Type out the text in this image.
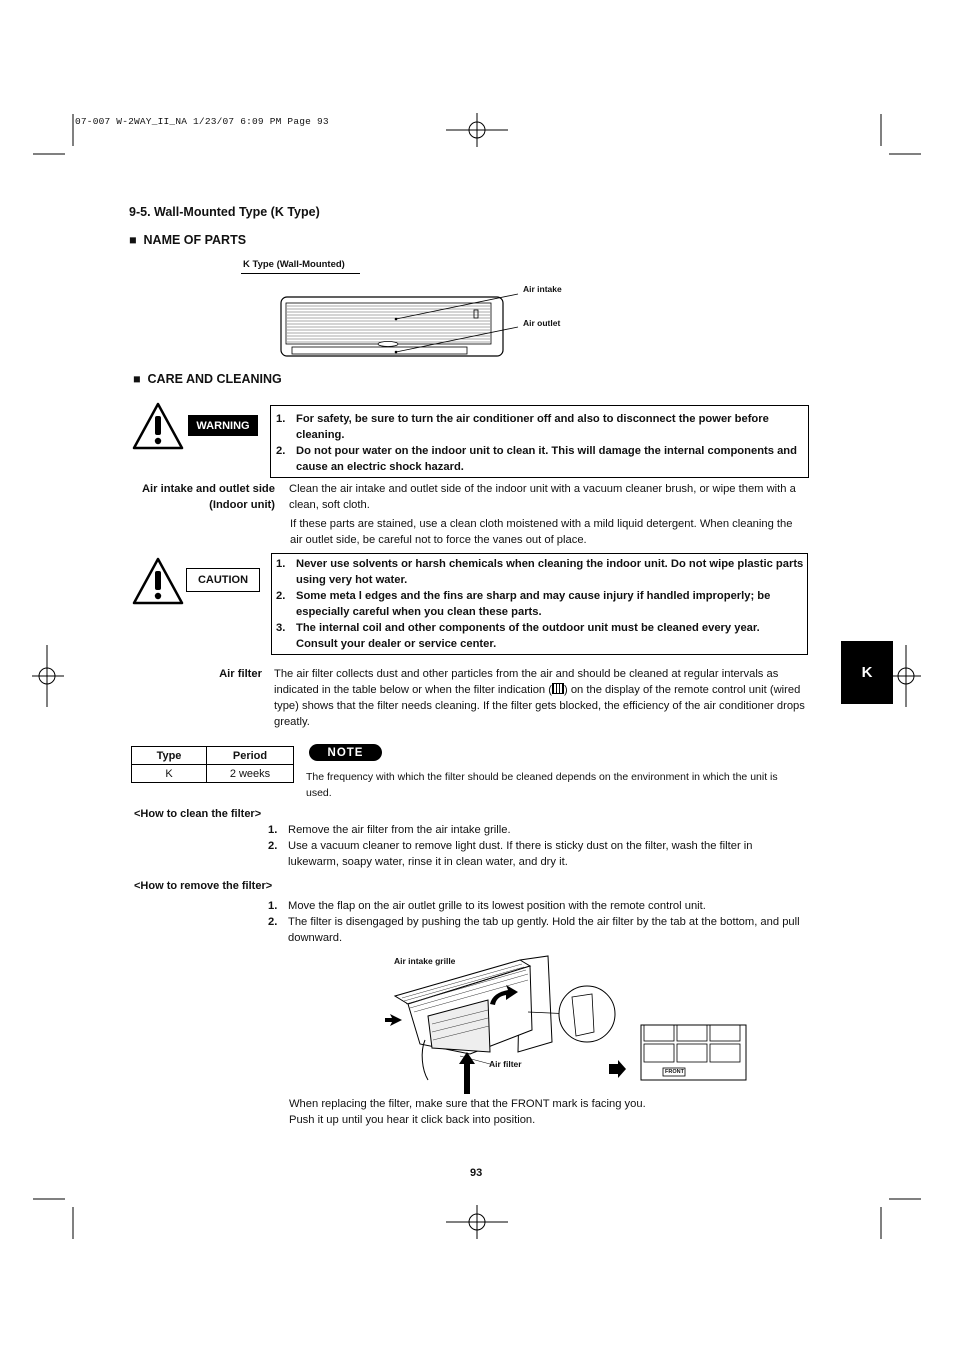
07-007 W-2WAY_II_NA 1/23/07 6:09 PM Page 93
9-5. Wall-Mounted Type (K Type)
■ NAME OF PARTS
K Type (Wall-Mounted)
Air intake
Air outlet
■ CARE AND CLEANING
WARNING
1. For safety, be sure to turn the air conditioner off and also to disconnect the power before cleaning.
2. Do not pour water on the indoor unit to clean it. This will damage the internal components and cause an electric shock hazard.
Air intake and outlet side
(Indoor unit)
Clean the air intake and outlet side of the indoor unit with a vacuum cleaner brush, or wipe them with a clean, soft cloth.
If these parts are stained, use a clean cloth moistened with a mild liquid detergent. When cleaning the air outlet side, be careful not to force the vanes out of place.
CAUTION
1. Never use solvents or harsh chemicals when cleaning the indoor unit. Do not wipe plastic parts using very hot water.
2. Some meta l edges and the fins are sharp and may cause injury if handled improperly; be especially careful when you clean these parts.
3. The internal coil and other components of the outdoor unit must be cleaned every year. Consult your dealer or service center.
Air filter The air filter collects dust and other particles from the air and should be cleaned at regular intervals as indicated in the table below or when the filter indication ( ) on the display of the remote control unit (wired type) shows that the filter needs cleaning. If the filter gets blocked, the efficiency of the air conditioner drops greatly.
Type	Period
K	2 weeks
NOTE
The frequency with which the filter should be cleaned depends on the environment in which the unit is used.
<How to clean the filter>
1. Remove the air filter from the air intake grille.
2. Use a vacuum cleaner to remove light dust. If there is sticky dust on the filter, wash the filter in lukewarm, soapy water, rinse it in clean water, and dry it.
<How to remove the filter>
1. Move the flap on the air outlet grille to its lowest position with the remote control unit.
2. The filter is disengaged by pushing the tab up gently. Hold the air filter by the tab at the bottom, and pull downward.
Air intake grille
Air filter
FRONT
When replacing the filter, make sure that the FRONT mark is facing you.
Push it up until you hear it click back into position.
K
93
